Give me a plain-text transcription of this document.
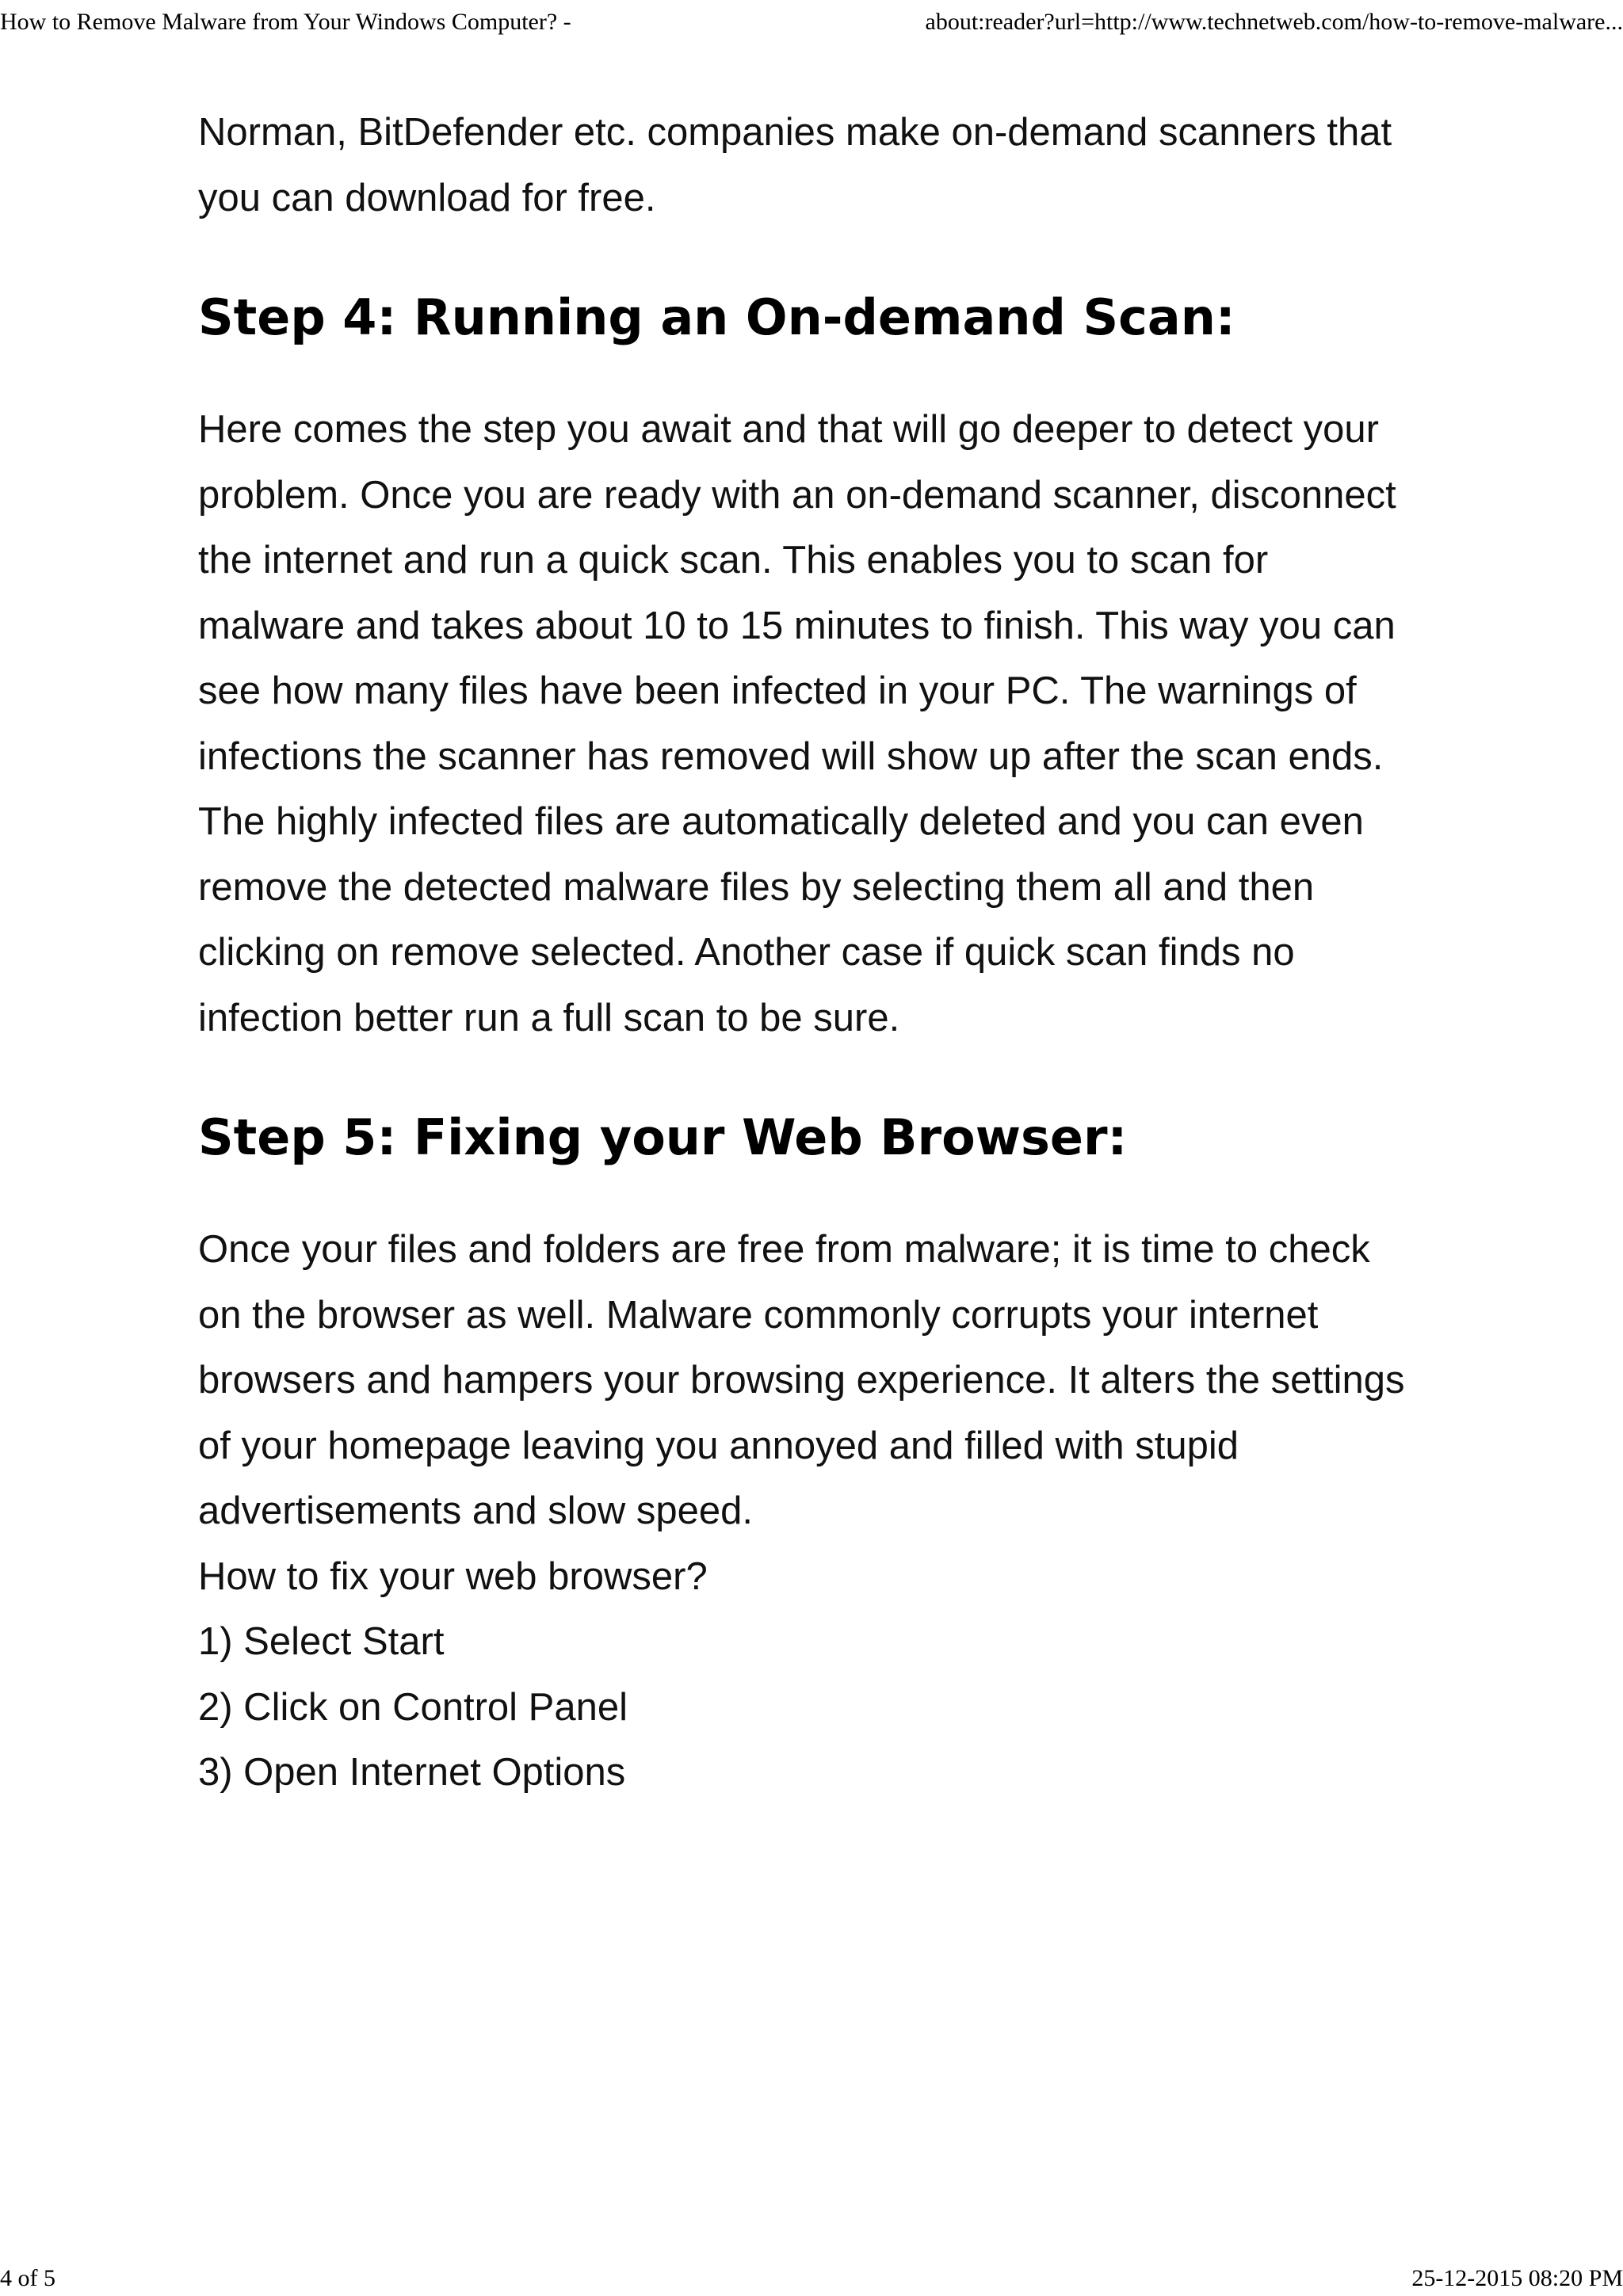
How to Remove Malware from Your Windows Computer? -	about:reader?url=http://www.technetweb.com/how-to-remove-malware...

Norman, BitDefender etc. companies make on-demand scanners that you can download for free.

Step 4: Running an On-demand Scan:

Here comes the step you await and that will go deeper to detect your problem. Once you are ready with an on-demand scanner, disconnect the internet and run a quick scan. This enables you to scan for malware and takes about 10 to 15 minutes to finish. This way you can see how many files have been infected in your PC. The warnings of infections the scanner has removed will show up after the scan ends. The highly infected files are automatically deleted and you can even remove the detected malware files by selecting them all and then clicking on remove selected. Another case if quick scan finds no infection better run a full scan to be sure.

Step 5: Fixing your Web Browser:

Once your files and folders are free from malware; it is time to check on the browser as well. Malware commonly corrupts your internet browsers and hampers your browsing experience. It alters the settings of your homepage leaving you annoyed and filled with stupid advertisements and slow speed.

How to fix your web browser?

1) Select Start

2) Click on Control Panel

3) Open Internet Options

4 of 5	25-12-2015 08:20 PM
